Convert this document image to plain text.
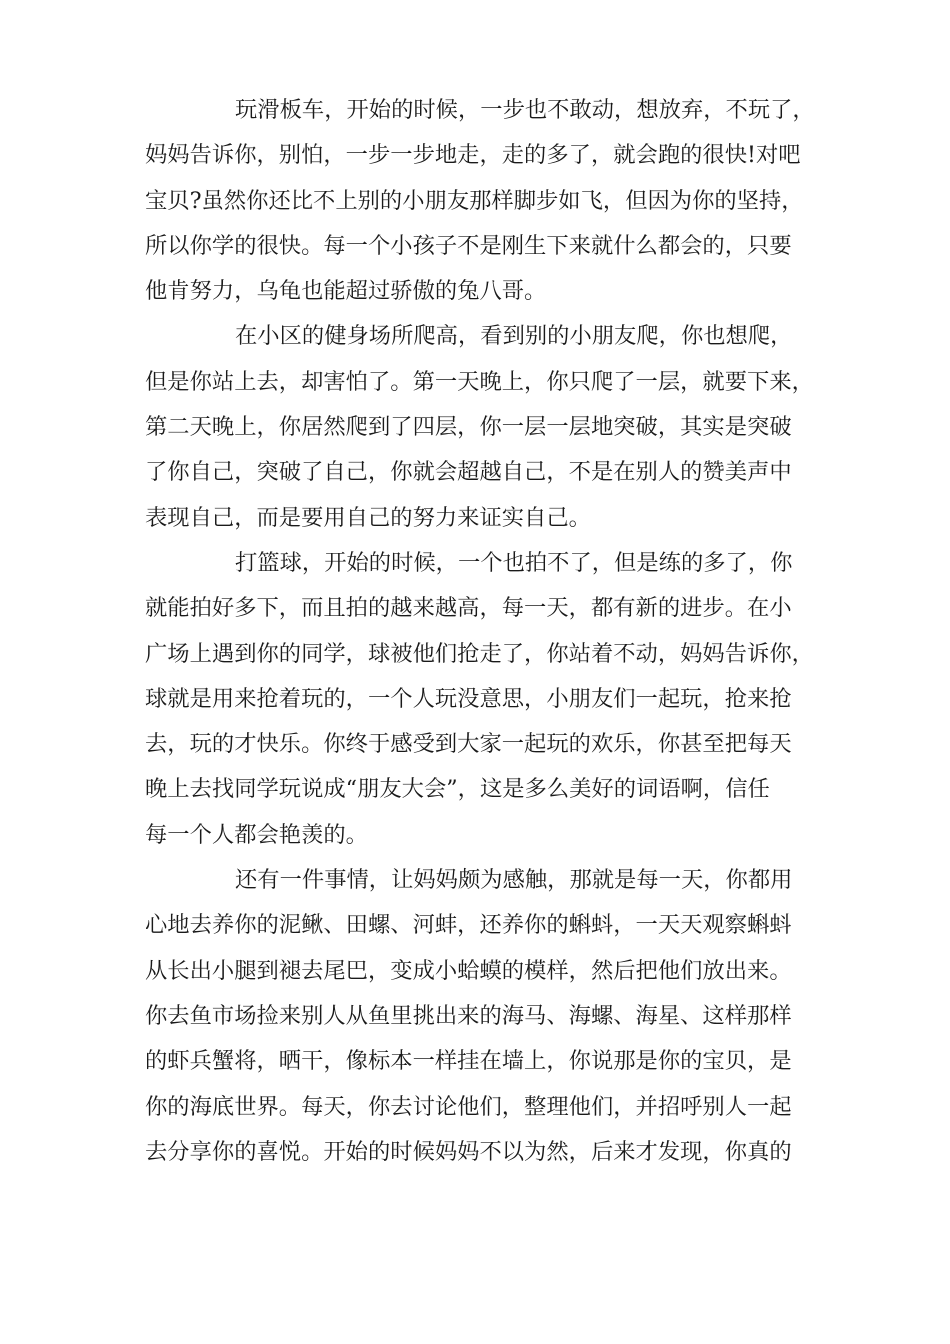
玩滑板车，开始的时候，一步也不敢动，想放弃，不玩了，
妈妈告诉你，别怕，一步一步地走，走的多了，就会跑的很快!对吧
宝贝?虽然你还比不上别的小朋友那样脚步如飞，但因为你的坚持，
所以你学的很快。每一个小孩子不是刚生下来就什么都会的，只要
他肯努力，乌龟也能超过骄傲的兔八哥。
在小区的健身场所爬高，看到别的小朋友爬，你也想爬，
但是你站上去，却害怕了。第一天晚上，你只爬了一层，就要下来，
第二天晚上，你居然爬到了四层，你一层一层地突破，其实是突破
了你自己，突破了自己，你就会超越自己，不是在别人的赞美声中
表现自己，而是要用自己的努力来证实自己。
打篮球，开始的时候，一个也拍不了，但是练的多了，你
就能拍好多下，而且拍的越来越高，每一天，都有新的进步。在小
广场上遇到你的同学，球被他们抢走了，你站着不动，妈妈告诉你，
球就是用来抢着玩的，一个人玩没意思，小朋友们一起玩，抢来抢
去，玩的才快乐。你终于感受到大家一起玩的欢乐，你甚至把每天
晚上去找同学玩说成“朋友大会”，这是多么美好的词语啊，信任
每一个人都会艳羡的。
还有一件事情，让妈妈颇为感触，那就是每一天，你都用
心地去养你的泥鳅、田螺、河蚌，还养你的蝌蚪，一天天观察蝌蚪
从长出小腿到褪去尾巴，变成小蛤蟆的模样，然后把他们放出来。
你去鱼市场捡来别人从鱼里挑出来的海马、海螺、海星、这样那样
的虾兵蟹将，晒干，像标本一样挂在墙上，你说那是你的宝贝，是
你的海底世界。每天，你去讨论他们，整理他们，并招呼别人一起
去分享你的喜悦。开始的时候妈妈不以为然，后来才发现，你真的
